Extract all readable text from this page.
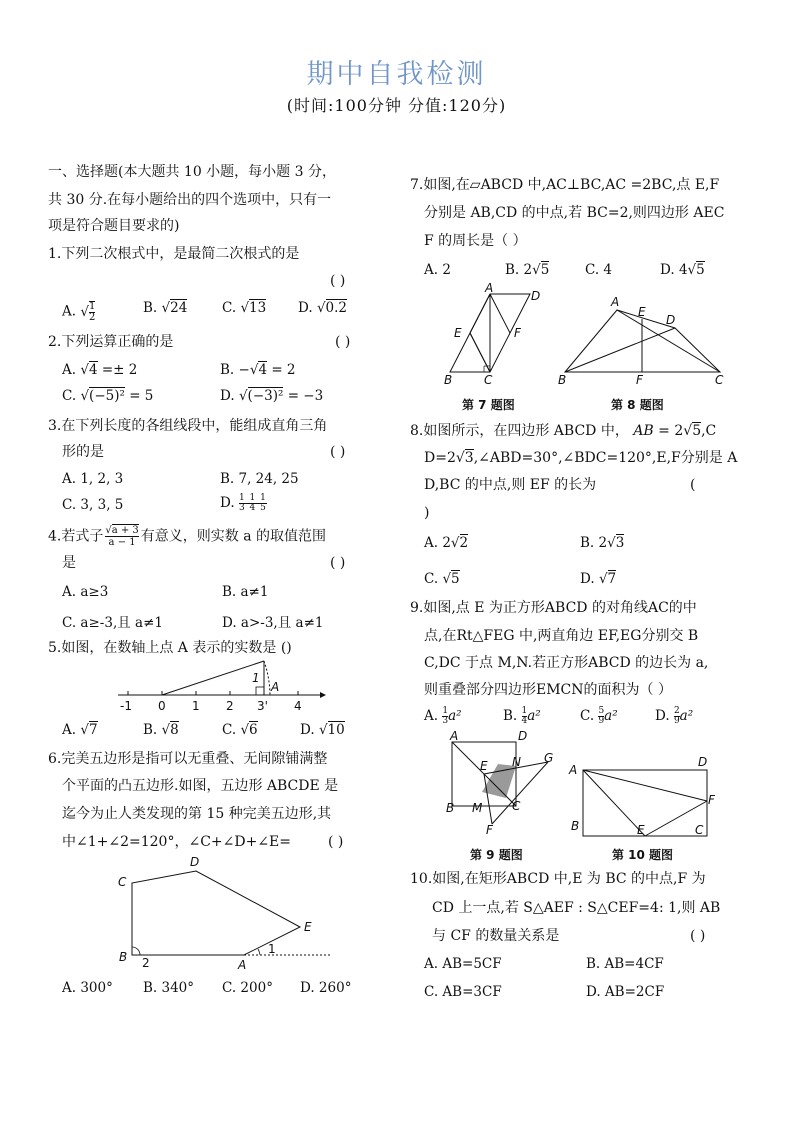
期中自我检测
(时间:100分钟 分值:120分)
一、选择题(本大题共 10 小题，每小题 3 分，
共 30 分.在每小题给出的四个选项中，只有一
项是符合题目要求的)
1.下列二次根式中，是最简二次根式的是
( )
A. √ $\frac{1}{2}$	B. √24	C. √13 D. √0.2
2.下列运算正确的是	( )
A. √4 =± 2	B. −√4 = 2
C. √(−5)² = 5	D. √(−3)² = −3
3.在下列长度的各组线段中，能组成直角三角
形的是	( )
A. 1, 2, 3	B. 7, 24, 25
C. 3, 3, 5	D. $\frac{1 1 1}{3 4 5}$
4.若式子 √a + 3
a − 1 有意义，则实数 a 的取值范围
是	( )
A. a≥3	B. a≠1
C. a≥-3,且 a≠1	D. a>-3,且 a≠1
5.如图，在数轴上点 A 表示的实数是 ()
1
A
-1 0 1 2 3' 4
A. √7	B. √8	C. √6	D. √10
6.完美五边形是指可以无重叠、无间隙铺满整
个平面的凸五边形.如图，五边形 ABCDE 是
迄今为止人类发现的第 15 种完美五边形,其
中∠1+∠2=120°，∠C+∠D+∠E=	( )
C
D
E
B
A
1
2
A. 300° B. 340° C. 200° D. 260°
7.如图,在▱ABCD 中,AC⊥BC,AC =2BC,点 E,F
分别是 AB,CD 的中点,若 BC=2,则四边形 AEC
F 的周长是（ ）
A. 2	B. 2√5	C. 4	D. 4√5
A
D
E	F
B	C
第 7 题图
A
E
D
B	F	C
第 8 题图
8.如图所示，在四边形 ABCD 中， AB = 2√5,C
D=2√3,∠ABD=30°,∠BDC=120°,E,F分别是 A
D,BC 的中点,则 EF 的长为	(
)
A. 2√2	B. 2√3
C. √5	D. √7
9.如图,点 E 为正方形ABCD 的对角线AC的中
点,在Rt△FEG 中,两直角边 EF,EG分别交 B
C,DC 于点 M,N.若正方形ABCD 的边长为 a,
则重叠部分四边形EMCN的面积为（ ）
A. $\frac{1}{3} a^2$	B. $\frac{1}{4} a^2$	C. $\frac{5}{9} a^2$	D. $\frac{2}{9} a^2$
A	D
E N G
B M C
F
第 9 题图
A
D
F
B	E	C
第 10 题图
10.如图,在矩形ABCD 中,E 为 BC 的中点,F 为
CD 上一点,若 S△AEF : S△CEF=4: 1,则 AB
与 CF 的数量关系是	( )
A. AB=5CF	B. AB=4CF
C. AB=3CF	D. AB=2CF
